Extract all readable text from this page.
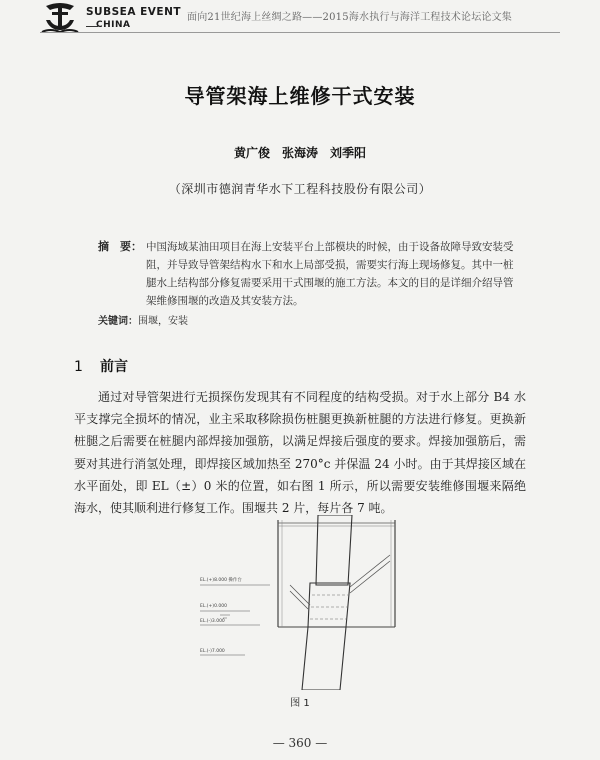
SUBSEA EVENT
CHINA
面向21世纪海上丝绸之路——2015海水执行与海洋工程技术论坛论文集
导管架海上维修干式安装
黄广俊　张海涛　刘季阳
（深圳市德润青华水下工程科技股份有限公司）
摘　要： 中国海域某油田项目在海上安装平台上部模块的时候，由于设备故障导致安装受阻，并导致导管架结构水下和水上局部受损，需要实行海上现场修复。其中一桩腿水上结构部分修复需要采用干式围堰的施工方法。本文的目的是详细介绍导管架维修围堰的改造及其安装方法。
关键词：围堰，安装
1 前言
通过对导管架进行无损探伤发现其有不同程度的结构受损。对于水上部分 B4 水平支撑完全损坏的情况，业主采取移除损伤桩腿更换新桩腿的方法进行修复。更换新桩腿之后需要在桩腿内部焊接加强筋，以满足焊接后强度的要求。焊接加强筋后，需要对其进行消氢处理，即焊接区域加热至 270°c 并保温 24 小时。由于其焊接区域在水平面处，即 EL（±）0 米的位置，如右图 1 所示，所以需要安装维修围堰来隔绝海水，使其顺利进行修复工作。围堰共 2 片，每片各 7 吨。
EL.(+)8.000 操作台
EL.(+)0.000
EL.(-)3.000
EL.(-)7.000
图 1
— 360 —
